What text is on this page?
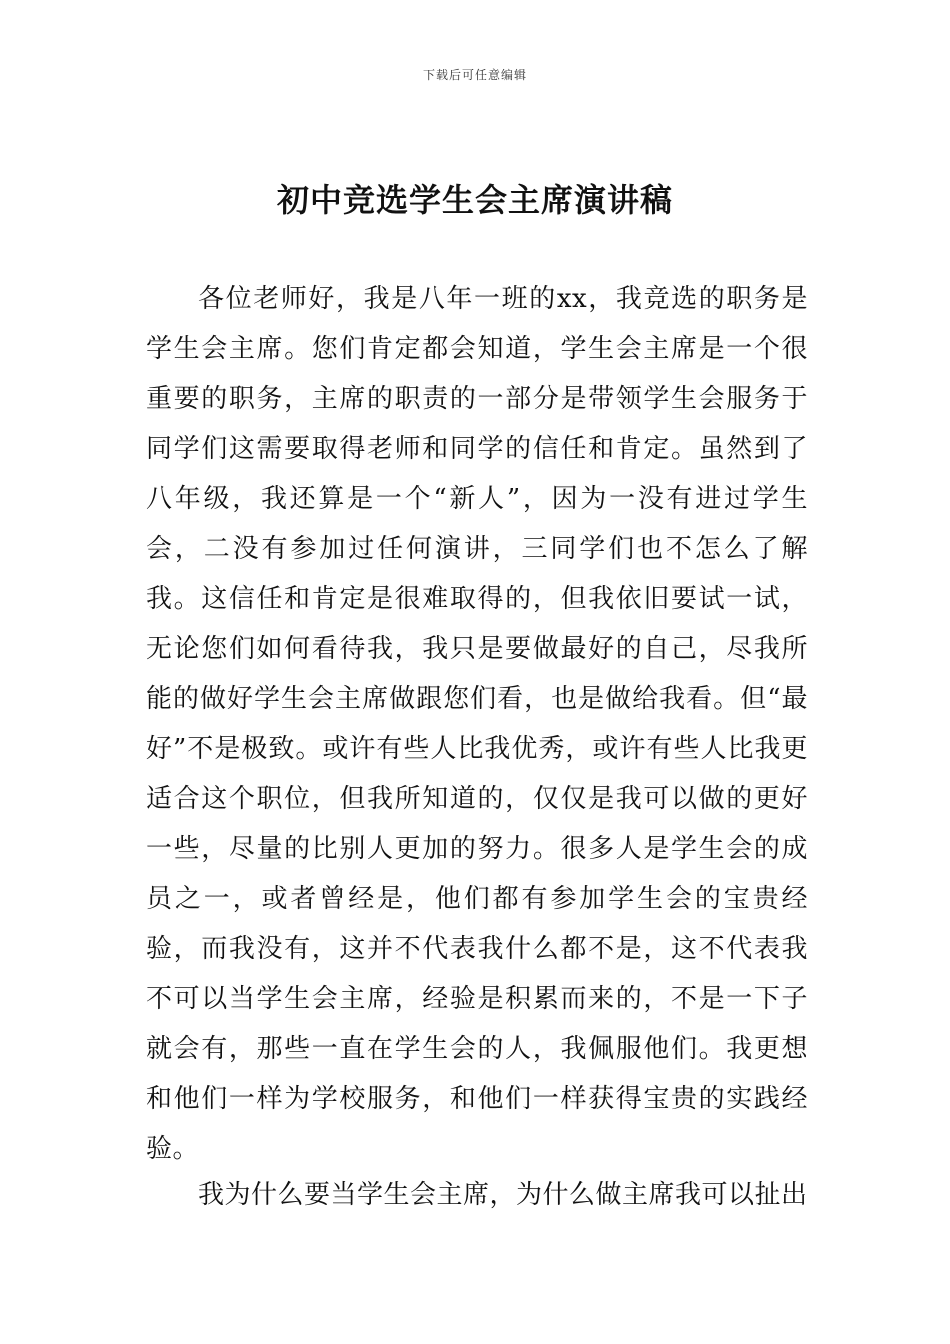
下载后可任意编辑
初中竞选学生会主席演讲稿

各位老师好，我是八年一班的xx，我竞选的职务是学生会主席。您们肯定都会知道，学生会主席是一个很重要的职务，主席的职责的一部分是带领学生会服务于同学们这需要取得老师和同学的信任和肯定。虽然到了八年级，我还算是一个“新人”，因为一没有进过学生会，二没有参加过任何演讲，三同学们也不怎么了解我。这信任和肯定是很难取得的，但我依旧要试一试，无论您们如何看待我，我只是要做最好的自己，尽我所能的做好学生会主席做跟您们看，也是做给我看。但“最好”不是极致。或许有些人比我优秀，或许有些人比我更适合这个职位，但我所知道的，仅仅是我可以做的更好一些，尽量的比别人更加的努力。很多人是学生会的成员之一，或者曾经是，他们都有参加学生会的宝贵经验，而我没有，这并不代表我什么都不是，这不代表我不可以当学生会主席，经验是积累而来的，不是一下子就会有，那些一直在学生会的人，我佩服他们。我更想和他们一样为学校服务，和他们一样获得宝贵的实践经验。

我为什么要当学生会主席，为什么做主席我可以扯出
